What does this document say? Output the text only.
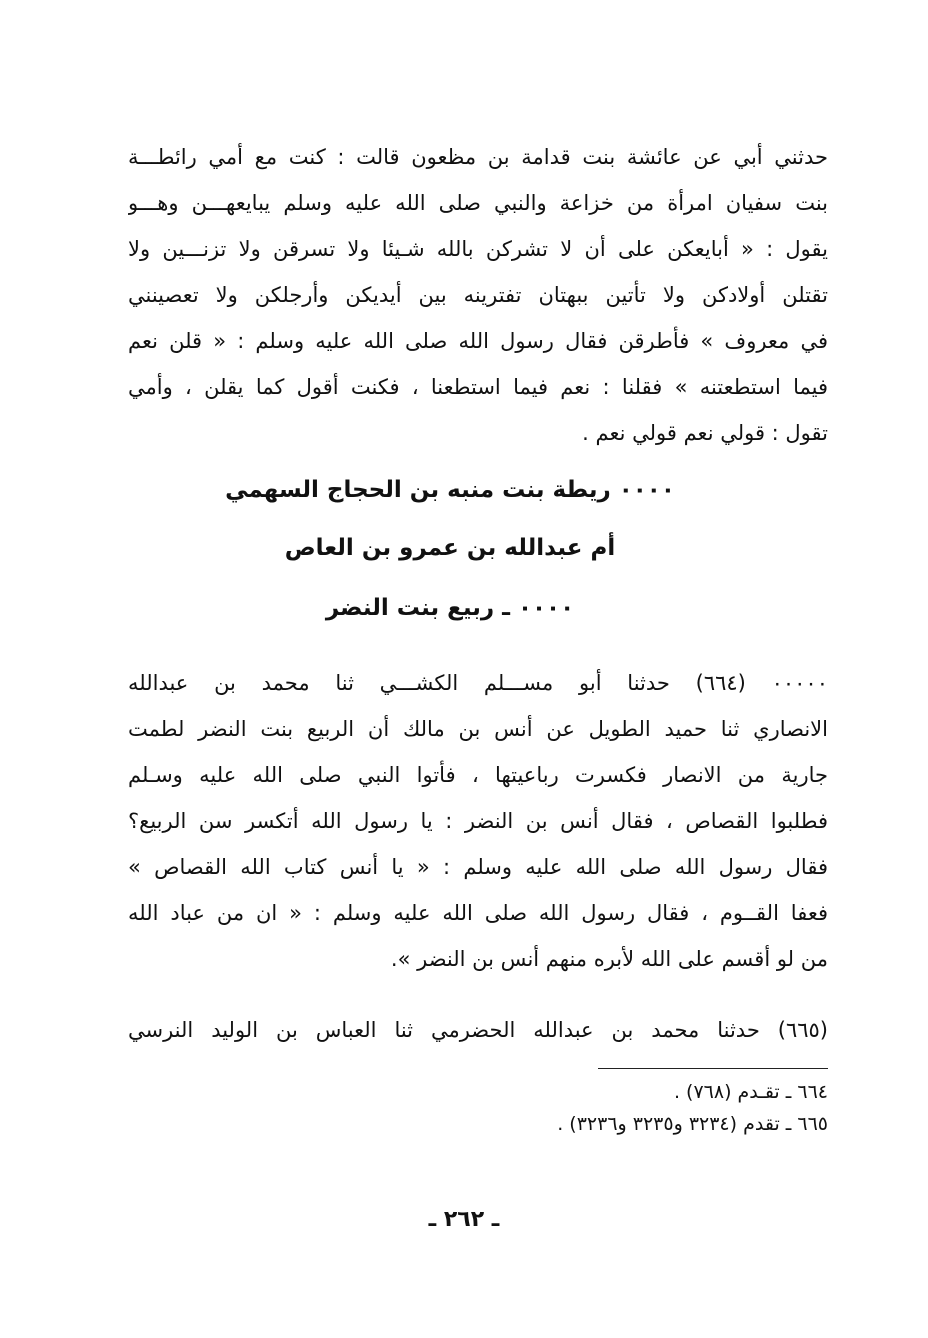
حدثني أبي عن عائشة بنت قدامة بن مظعون قالت : كنت مع أمي رائطـــة
بنت سفيان امرأة من خزاعة والنبي صلى الله عليه وسلم يبايعهـــن وهـــو
يقول : « أبايعكن على أن لا تشركن بالله شـيئا ولا تسرقن ولا تزنـــين ولا
تقتلن أولادكن ولا تأتين ببهتان تفترينه بين أيديكن وأرجلكن ولا تعصينني
في معروف » فأطرقن فقال رسول الله صلى الله عليه وسلم : « قلن نعم
فيما استطعتنه » فقلنا : نعم فيما استطعنا ، فكنت أقول كما يقلن ، وأمي
تقول : قولي نعم قولي نعم .
٠٠٠٠ ريطة بنت منبه بن الحجاج السهمي
أم عبدالله بن عمرو بن العاص
٠٠٠٠ ـ ربيع بنت النضر
٠٠٠٠٠ (٦٦٤) حدثنا أبو مســـلم الكشـــي ثنا محمد بن عبدالله
الانصاري ثنا حميد الطويل عن أنس بن مالك أن الربيع بنت النضر لطمت
جارية من الانصار فكسرت رباعيتها ، فأتوا النبي صلى الله عليه وسـلم
فطلبوا القصاص ، فقال أنس بن النضر : يا رسول الله أتكسر سن الربيع؟
فقال رسول الله صلى الله عليه وسلم : « يا أنس كتاب الله القصاص »
فعفا القــوم ، فقال رسول الله صلى الله عليه وسلم : « ان من عباد الله
من لو أقسم على الله لأبره منهم أنس بن النضر ».
(٦٦٥) حدثنا محمد بن عبدالله الحضرمي ثنا العباس بن الوليد النرسي
٦٦٤ ـ تقـدم (٧٦٨) .
٦٦٥ ـ تقدم (٣٢٣٤ و٣٢٣٥ و٣٢٣٦) .
ـ ٢٦٢ ـ
